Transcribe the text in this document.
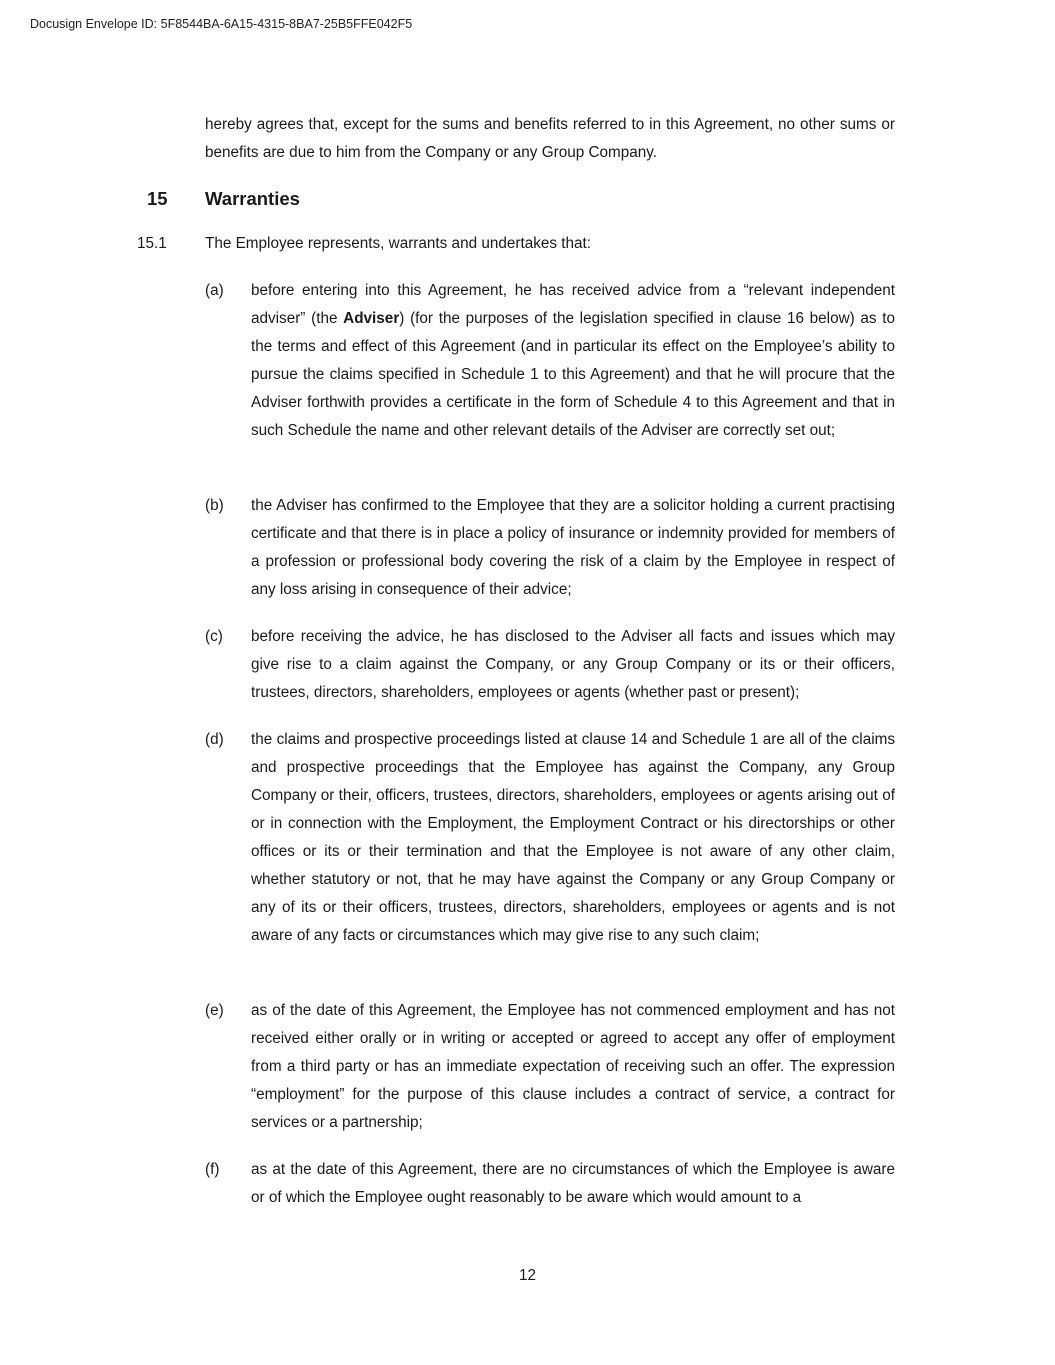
Docusign Envelope ID: 5F8544BA-6A15-4315-8BA7-25B5FFE042F5
hereby agrees that, except for the sums and benefits referred to in this Agreement, no other sums or benefits are due to him from the Company or any Group Company.
15 Warranties
15.1 The Employee represents, warrants and undertakes that:
(a) before entering into this Agreement, he has received advice from a “relevant independent adviser” (the Adviser) (for the purposes of the legislation specified in clause 16 below) as to the terms and effect of this Agreement (and in particular its effect on the Employee’s ability to pursue the claims specified in Schedule 1 to this Agreement) and that he will procure that the Adviser forthwith provides a certificate in the form of Schedule 4 to this Agreement and that in such Schedule the name and other relevant details of the Adviser are correctly set out;
(b) the Adviser has confirmed to the Employee that they are a solicitor holding a current practising certificate and that there is in place a policy of insurance or indemnity provided for members of a profession or professional body covering the risk of a claim by the Employee in respect of any loss arising in consequence of their advice;
(c) before receiving the advice, he has disclosed to the Adviser all facts and issues which may give rise to a claim against the Company, or any Group Company or its or their officers, trustees, directors, shareholders, employees or agents (whether past or present);
(d) the claims and prospective proceedings listed at clause 14 and Schedule 1 are all of the claims and prospective proceedings that the Employee has against the Company, any Group Company or their, officers, trustees, directors, shareholders, employees or agents arising out of or in connection with the Employment, the Employment Contract or his directorships or other offices or its or their termination and that the Employee is not aware of any other claim, whether statutory or not, that he may have against the Company or any Group Company or any of its or their officers, trustees, directors, shareholders, employees or agents and is not aware of any facts or circumstances which may give rise to any such claim;
(e) as of the date of this Agreement, the Employee has not commenced employment and has not received either orally or in writing or accepted or agreed to accept any offer of employment from a third party or has an immediate expectation of receiving such an offer. The expression “employment” for the purpose of this clause includes a contract of service, a contract for services or a partnership;
(f) as at the date of this Agreement, there are no circumstances of which the Employee is aware or of which the Employee ought reasonably to be aware which would amount to a
12
